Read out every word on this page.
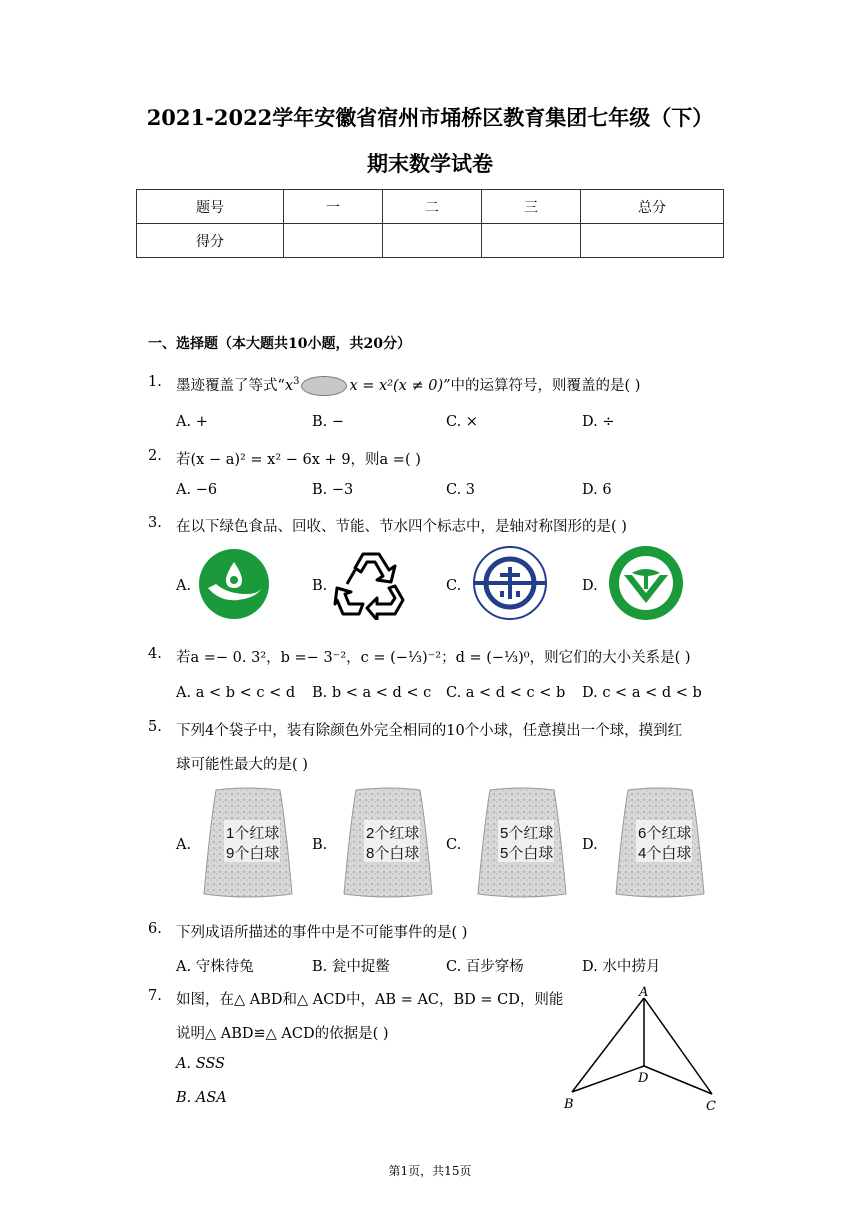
2021-2022学年安徽省宿州市埇桥区教育集团七年级（下）
期末数学试卷
题号	一	二	三	总分
得分				
一、选择题（本大题共10小题，共20分）
1. 墨迹覆盖了等式“$x^3$	x = x²(x ≠ 0)”中的运算符号，则覆盖的是( )
A. +	B. −	C. ×	D. ÷
2. 若(x − a)² = x² − 6x + 9，则a =( )
A. −6	B. −3	C. 3	D. 6
3. 在以下绿色食品、回收、节能、节水四个标志中，是轴对称图形的是( )
A.	B.	C.	D.
4. 若a =− 0. 3²，b =− 3⁻²，c = (−⅓)⁻²；d = (−⅓)⁰，则它们的大小关系是( )
A. a < b < c < d B. b < a < d < c C. a < d < c < b D. c < a < d < b
5. 下列4个袋子中，装有除颜色外完全相同的10个小球，任意摸出一个球，摸到红
球可能性最大的是( )
A.	B.	C.	D.
1个红球
9个白球
2个红球
8个白球
5个红球
5个白球
6个红球
4个白球
6. 下列成语所描述的事件中是不可能事件的是( )
A. 守株待兔	B. 瓮中捉鳖	C. 百步穿杨	D. 水中捞月
7. 如图，在△ ABD和△ ACD中，AB = AC，BD = CD，则能
说明△ ABD≌△ ACD的依据是( )
A. SSS
B. ASA
A
B	C
D
第1页，共15页
